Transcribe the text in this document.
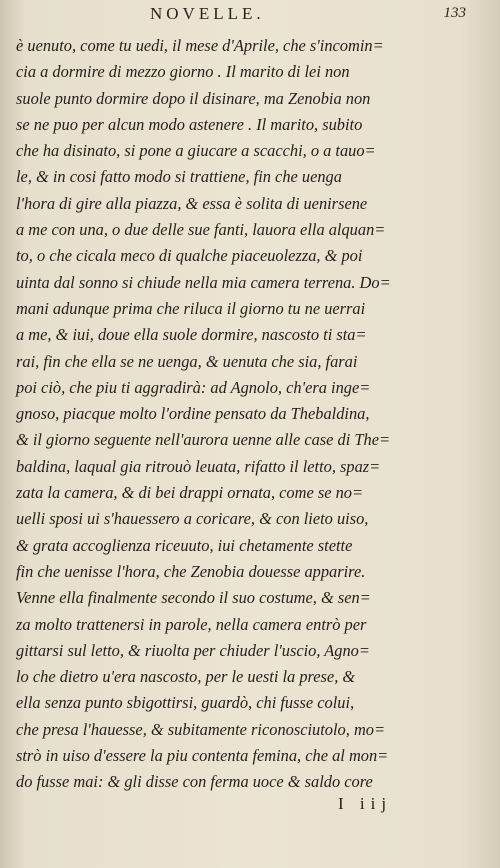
NOVELLE.	133
è uenuto, come tu uedi, il mese d'Aprile, che s'incomin=
cia a dormire di mezzo giorno . Il marito di lei non
suole punto dormire dopo il disinare, ma Zenobia non
se ne puo per alcun modo astenere . Il marito, subito
che ha disinato, si pone a giucare a scacchi, o a tauo=
le, & in cosi fatto modo si trattiene, fin che uenga
l'hora di gire alla piazza, & essa è solita di uenirsene
a me con una, o due delle sue fanti, lauora ella alquan=
to, o che cicala meco di qualche piaceuolezza, & poi
uinta dal sonno si chiude nella mia camera terrena. Do=
mani adunque prima che riluca il giorno tu ne uerrai
a me, & iui, doue ella suole dormire, nascosto ti sta=
rai, fin che ella se ne uenga, & uenuta che sia, farai
poi ciò, che piu ti aggradirà: ad Agnolo, ch'era inge=
gnoso, piacque molto l'ordine pensato da Thebaldina,
& il giorno seguente nell'aurora uenne alle case di The=
baldina, laqual gia ritrouò leuata, rifatto il letto, spaz=
zata la camera, & di bei drappi ornata, come se no=
uelli sposi ui s'hauessero a coricare, & con lieto uiso,
& grata accoglienza riceuuto, iui chetamente stette
fin che uenisse l'hora, che Zenobia douesse apparire.
Venne ella finalmente secondo il suo costume, & sen=
za molto trattenersi in parole, nella camera entrò per
gittarsi sul letto, & riuolta per chiuder l'uscio, Agno=
lo che dietro u'era nascosto, per le uesti la prese, &
ella senza punto sbigottirsi, guardò, chi fusse colui,
che presa l'hauesse, & subitamente riconosciutolo, mo=
strò in uiso d'essere la piu contenta femina, che al mon=
do fusse mai: & gli disse con ferma uoce & saldo core
I iij
